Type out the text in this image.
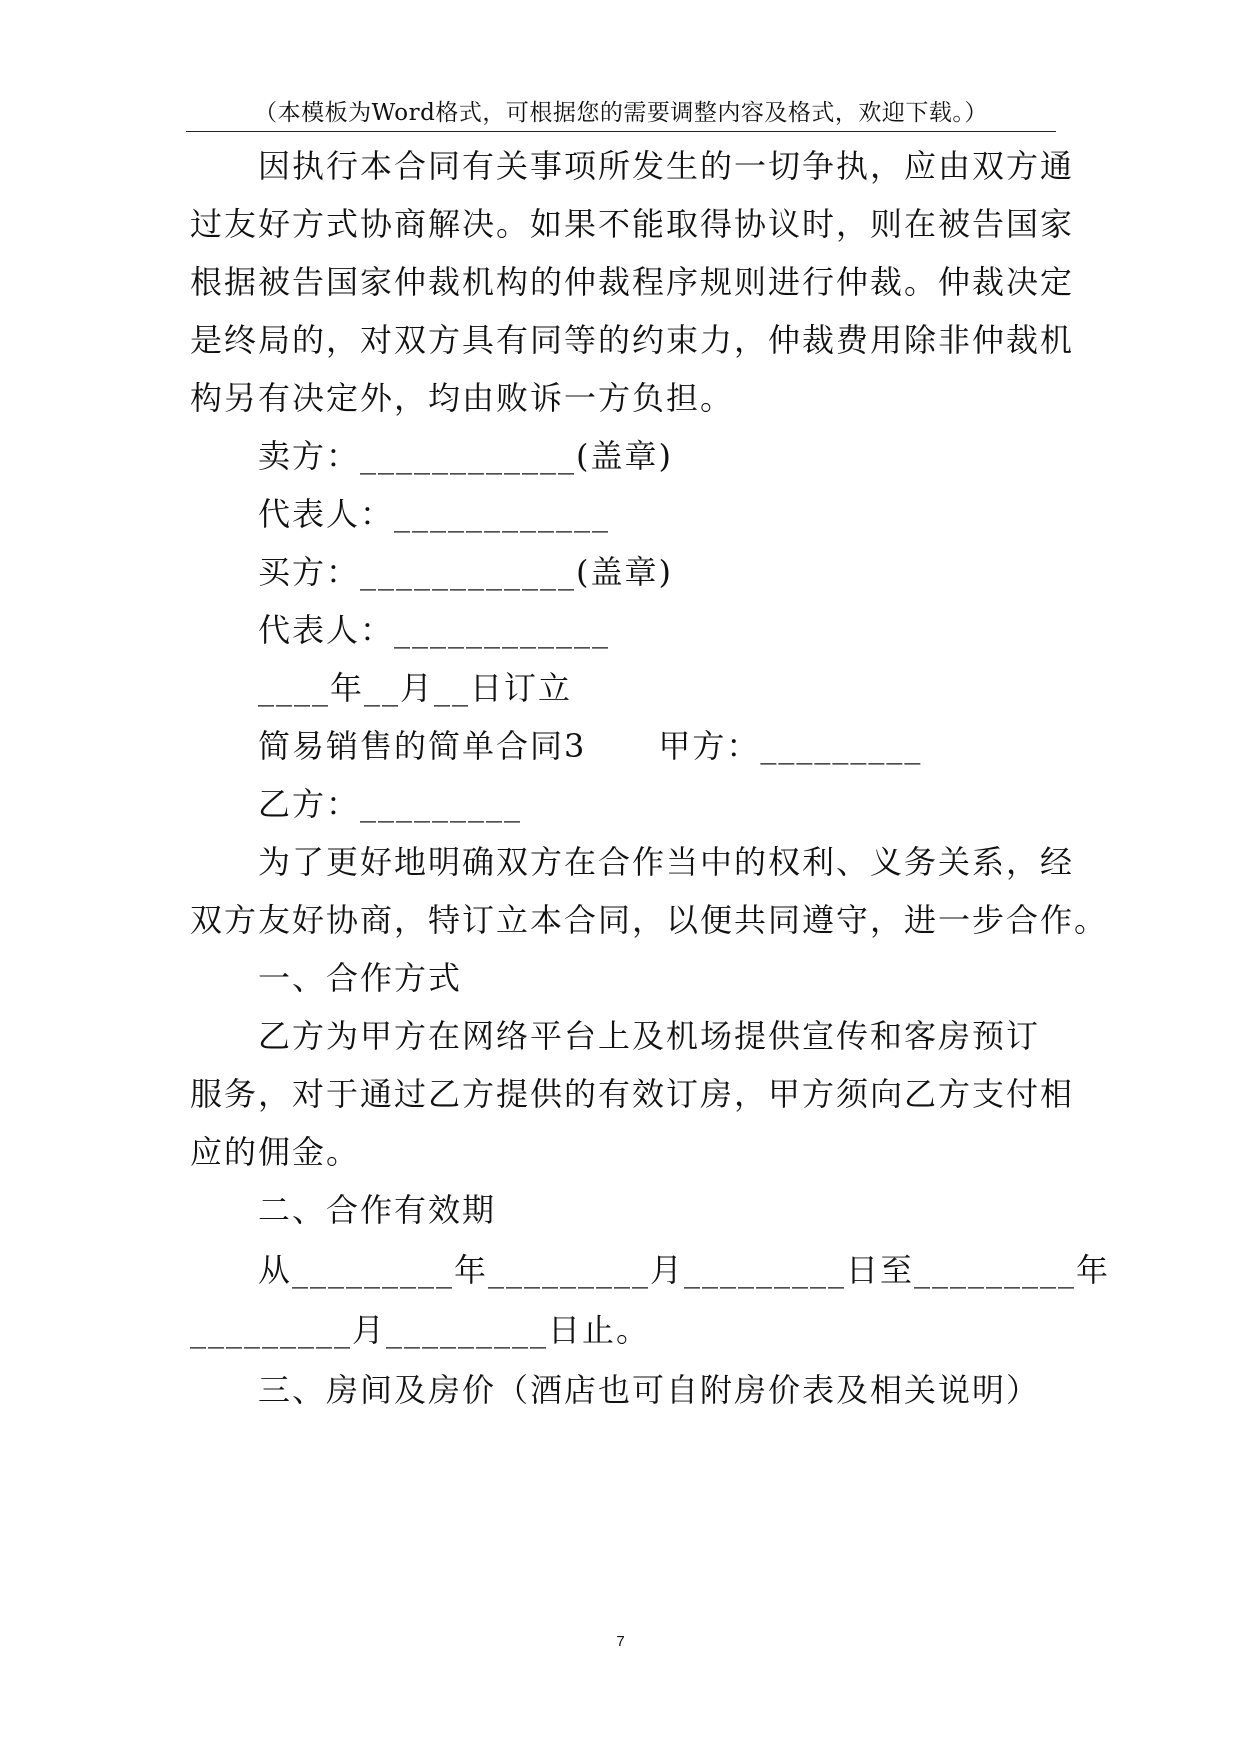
（本模板为Word格式，可根据您的需要调整内容及格式，欢迎下载。）
因执行本合同有关事项所发生的一切争执，应由双方通
过友好方式协商解决。如果不能取得协议时，则在被告国家
根据被告国家仲裁机构的仲裁程序规则进行仲裁。仲裁决定
是终局的，对双方具有同等的约束力，仲裁费用除非仲裁机
构另有决定外，均由败诉一方负担。
卖方：____________(盖章)
代表人：____________
买方：____________(盖章)
代表人：____________
____年__月__日订立
简易销售的简单合同3 甲方：_________
乙方：_________
为了更好地明确双方在合作当中的权利、义务关系，经
双方友好协商，特订立本合同，以便共同遵守，进一步合作。
一、合作方式
乙方为甲方在网络平台上及机场提供宣传和客房预订
服务，对于通过乙方提供的有效订房，甲方须向乙方支付相
应的佣金。
二、合作有效期
从_________年_________月_________日至_________年
_________月_________日止。
三、房间及房价（酒店也可自附房价表及相关说明）
7
